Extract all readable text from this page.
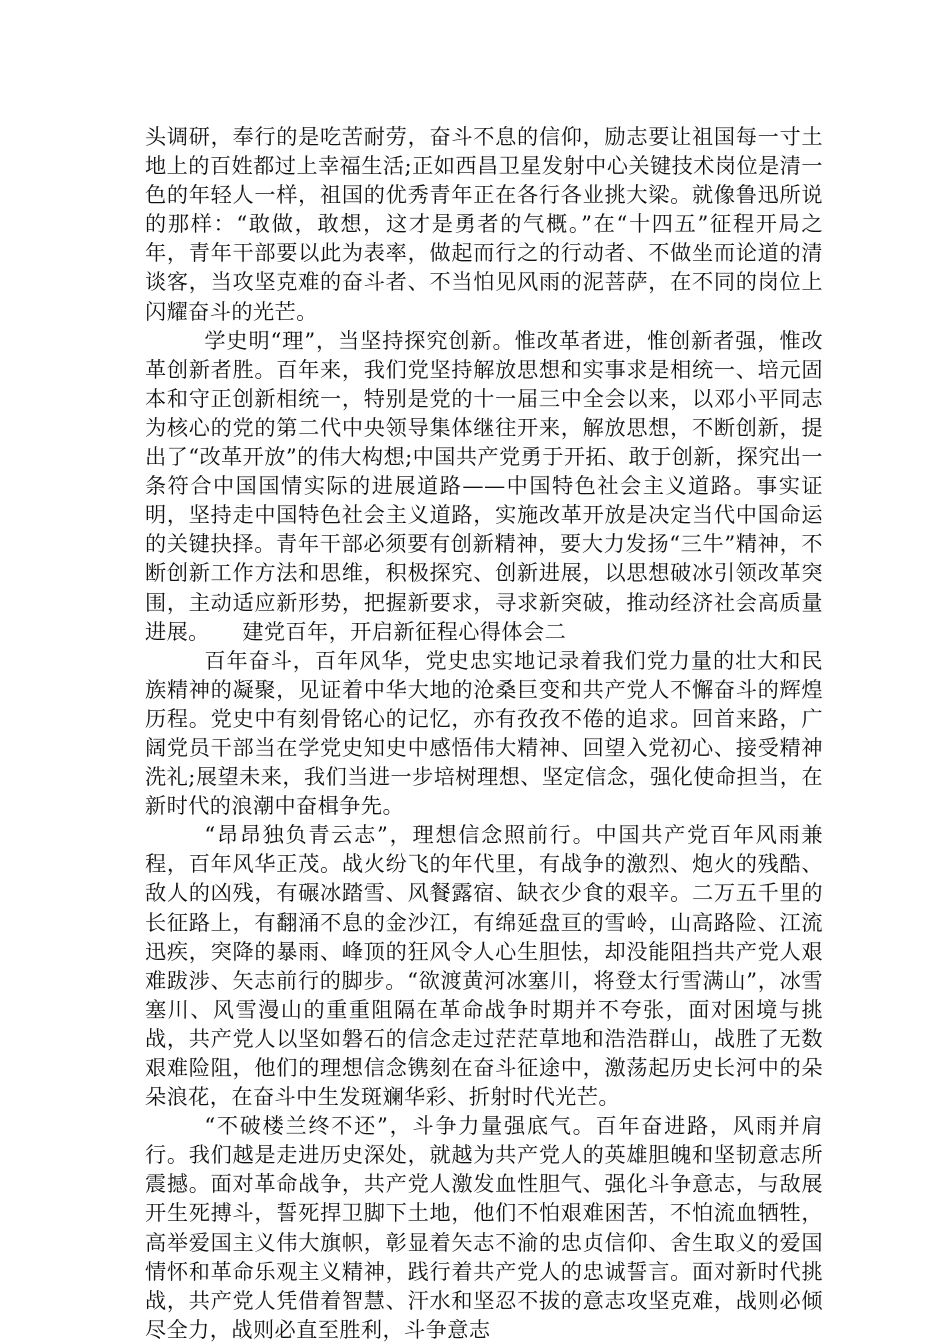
头调研，奉行的是吃苦耐劳，奋斗不息的信仰，励志要让祖国每一寸土地上的百姓都过上幸福生活;正如西昌卫星发射中心关键技术岗位是清一色的年轻人一样，祖国的优秀青年正在各行各业挑大梁。就像鲁迅所说的那样：“敢做，敢想，这才是勇者的气概。”在“十四五”征程开局之年，青年干部要以此为表率，做起而行之的行动者、不做坐而论道的清谈客，当攻坚克难的奋斗者、不当怕见风雨的泥菩萨，在不同的岗位上闪耀奋斗的光芒。

学史明“理”，当坚持探究创新。惟改革者进，惟创新者强，惟改革创新者胜。百年来，我们党坚持解放思想和实事求是相统一、培元固本和守正创新相统一，特别是党的十一届三中全会以来，以邓小平同志为核心的党的第二代中央领导集体继往开来，解放思想，不断创新，提出了“改革开放”的伟大构想;中国共产党勇于开拓、敢于创新，探究出一条符合中国国情实际的进展道路——中国特色社会主义道路。事实证明，坚持走中国特色社会主义道路，实施改革开放是决定当代中国命运的关键抉择。青年干部必须要有创新精神，要大力发扬“三牛”精神，不断创新工作方法和思维，积极探究、创新进展，以思想破冰引领改革突围，主动适应新形势，把握新要求，寻求新突破，推动经济社会高质量进展。　　建党百年，开启新征程心得体会二

百年奋斗，百年风华，党史忠实地记录着我们党力量的壮大和民族精神的凝聚，见证着中华大地的沧桑巨变和共产党人不懈奋斗的辉煌历程。党史中有刻骨铭心的记忆，亦有孜孜不倦的追求。回首来路，广阔党员干部当在学党史知史中感悟伟大精神、回望入党初心、接受精神洗礼;展望未来，我们当进一步培树理想、坚定信念，强化使命担当，在新时代的浪潮中奋楫争先。

“昂昂独负青云志”，理想信念照前行。中国共产党百年风雨兼程，百年风华正茂。战火纷飞的年代里，有战争的激烈、炮火的残酷、敌人的凶残，有碾冰踏雪、风餐露宿、缺衣少食的艰辛。二万五千里的长征路上，有翻涌不息的金沙江，有绵延盘亘的雪岭，山高路险、江流迅疾，突降的暴雨、峰顶的狂风令人心生胆怯，却没能阻挡共产党人艰难跋涉、矢志前行的脚步。“欲渡黄河冰塞川，将登太行雪满山”，冰雪塞川、风雪漫山的重重阻隔在革命战争时期并不夸张，面对困境与挑战，共产党人以坚如磐石的信念走过茫茫草地和浩浩群山，战胜了无数艰难险阻，他们的理想信念镌刻在奋斗征途中，激荡起历史长河中的朵朵浪花，在奋斗中生发斑斓华彩、折射时代光芒。

“不破楼兰终不还”，斗争力量强底气。百年奋进路，风雨并肩行。我们越是走进历史深处，就越为共产党人的英雄胆魄和坚韧意志所震撼。面对革命战争，共产党人激发血性胆气、强化斗争意志，与敌展开生死搏斗，誓死捍卫脚下土地，他们不怕艰难困苦，不怕流血牺牲，高举爱国主义伟大旗帜，彰显着矢志不渝的忠贞信仰、舍生取义的爱国情怀和革命乐观主义精神，践行着共产党人的忠诚誓言。面对新时代挑战，共产党人凭借着智慧、汗水和坚忍不拔的意志攻坚克难，战则必倾尽全力，战则必直至胜利，斗争意志
